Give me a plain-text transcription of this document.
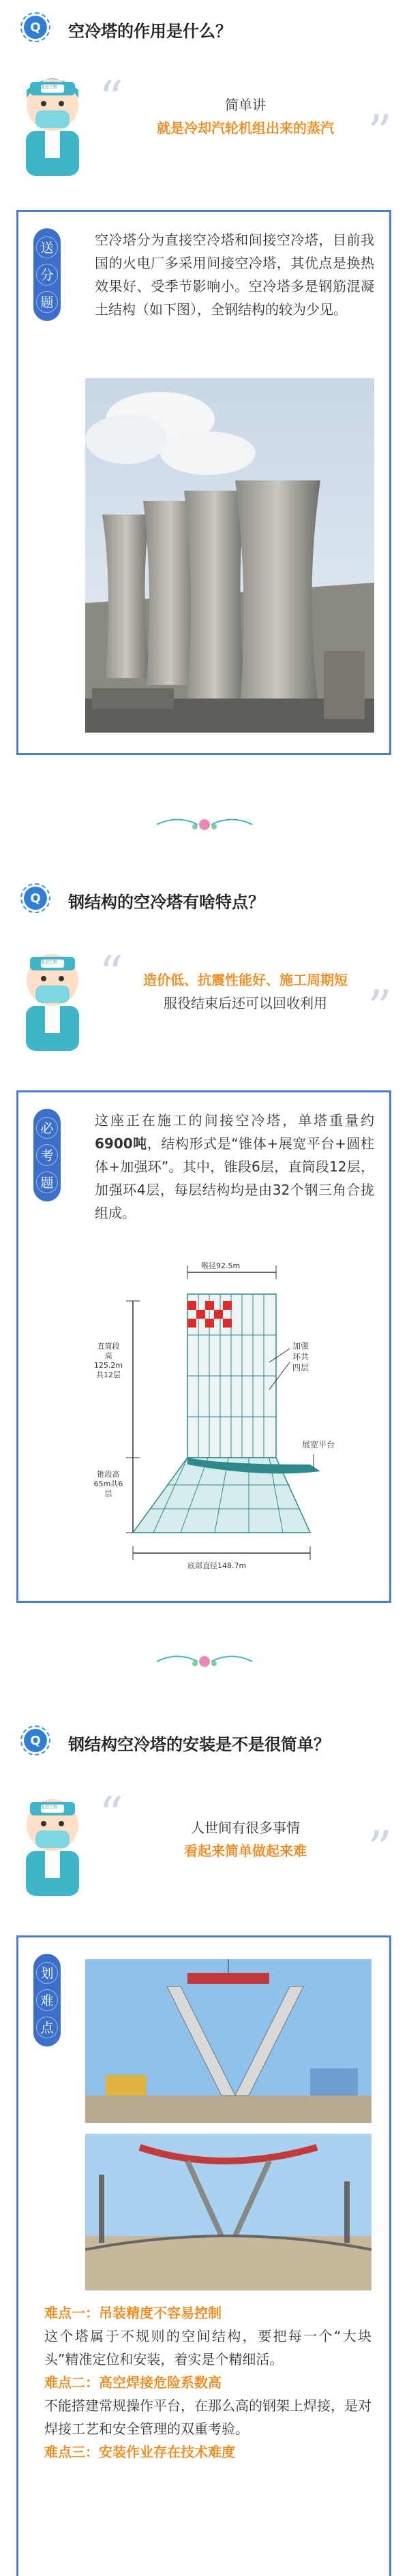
Q	空冷塔的作用是什么？
北京工程 “	简单讲
就是冷却汽轮机组出来的蒸汽 ”
送
分
题
空冷塔分为直接空冷塔和间接空冷塔，目前我国的火电厂多采用间接空冷塔，其优点是换热效果好、受季节影响小。空冷塔多是钢筋混凝土结构（如下图），全钢结构的较为少见。
Q	钢结构的空冷塔有啥特点？
北京工程 “	造价低、抗震性能好、施工周期短
服役结束后还可以回收利用 ”
必
考
题
这座正在施工的间接空冷塔，单塔重量约6900吨，结构形式是“锥体+展宽平台+圆柱体+加强环”。其中，锥段6层，直筒段12层，加强环4层，每层结构均是由32个钢三角合拢组成。
喉径92.5m
直筒段
高
125.2m
共12层
锥段高
65m共6
层
加强
环共
四层
展宽平台
底部直径148.7m
Q	钢结构空冷塔的安装是不是很简单？
北京工程 “	人世间有很多事情
看起来简单做起来难	”
划
难
点
难点一：吊装精度不容易控制
这个塔属于不规则的空间结构，要把每一个“大块头”精准定位和安装，着实是个精细活。
难点二：高空焊接危险系数高
不能搭建常规操作平台，在那么高的钢架上焊接，是对焊接工艺和安全管理的双重考验。
难点三：安装作业存在技术难度
